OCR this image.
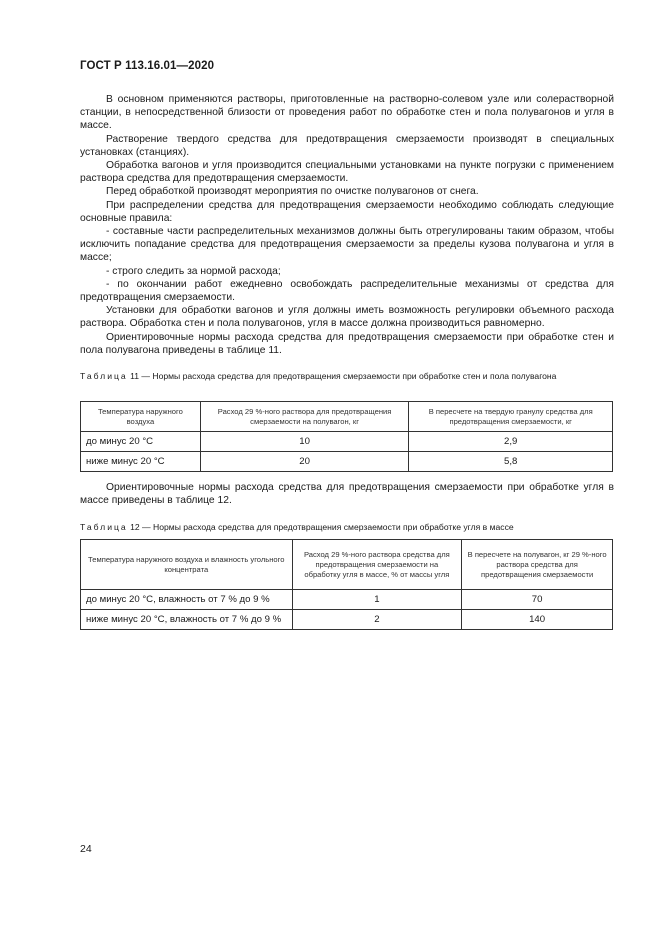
ГОСТ Р 113.16.01—2020

В основном применяются растворы, приготовленные на растворно-солевом узле или солераcтворной станции, в непосредственной близости от проведения работ по обработке стен и пола полувагонов и угля в массе.

Растворение твердого средства для предотвращения смерзаемости производят в специальных установках (станциях).

Обработка вагонов и угля производится специальными установками на пункте погрузки с применением раствора средства для предотвращения смерзаемости.

Перед обработкой производят мероприятия по очистке полувагонов от снега.

При распределении средства для предотвращения смерзаемости необходимо соблюдать следующие основные правила:

- составные части распределительных механизмов должны быть отрегулированы таким образом, чтобы исключить попадание средства для предотвращения смерзаемости за пределы кузова полувагона и угля в массе;

- строго следить за нормой расхода;

- по окончании работ ежедневно освобождать распределительные механизмы от средства для предотвращения смерзаемости.

Установки для обработки вагонов и угля должны иметь возможность регулировки объемного расхода раствора. Обработка стен и пола полувагонов, угля в массе должна производиться равномерно.

Ориентировочные нормы расхода средства для предотвращения смерзаемости при обработке стен и пола полувагона приведены в таблице 11.

Таблица 11 — Нормы расхода средства для предотвращения смерзаемости при обработке стен и пола полувагона
Температура наружного воздуха	Расход 29 %-ного раствора для предотвращения смерзаемости на полувагон, кг	В пересчете на твердую гранулу средства для предотвращения смерзаемости, кг
до минус 20 °С	10	2,9
ниже минус 20 °С	20	5,8

Ориентировочные нормы расхода средства для предотвращения смерзаемости при обработке угля в массе приведены в таблице 12.

Таблица 12 — Нормы расхода средства для предотвращения смерзаемости при обработке угля в массе
Температура наружного воздуха и влажность угольного концентрата	Расход 29 %-ного раствора средства для предотвращения смерзаемости на обработку угля в массе, % от массы угля	В пересчете на полувагон, кг 29 %-ного раствора средства для предотвращения смерзаемости
до минус 20 °С, влажность от 7 % до 9 %	1	70
ниже минус 20 °С, влажность от 7 % до 9 %	2	140
24
